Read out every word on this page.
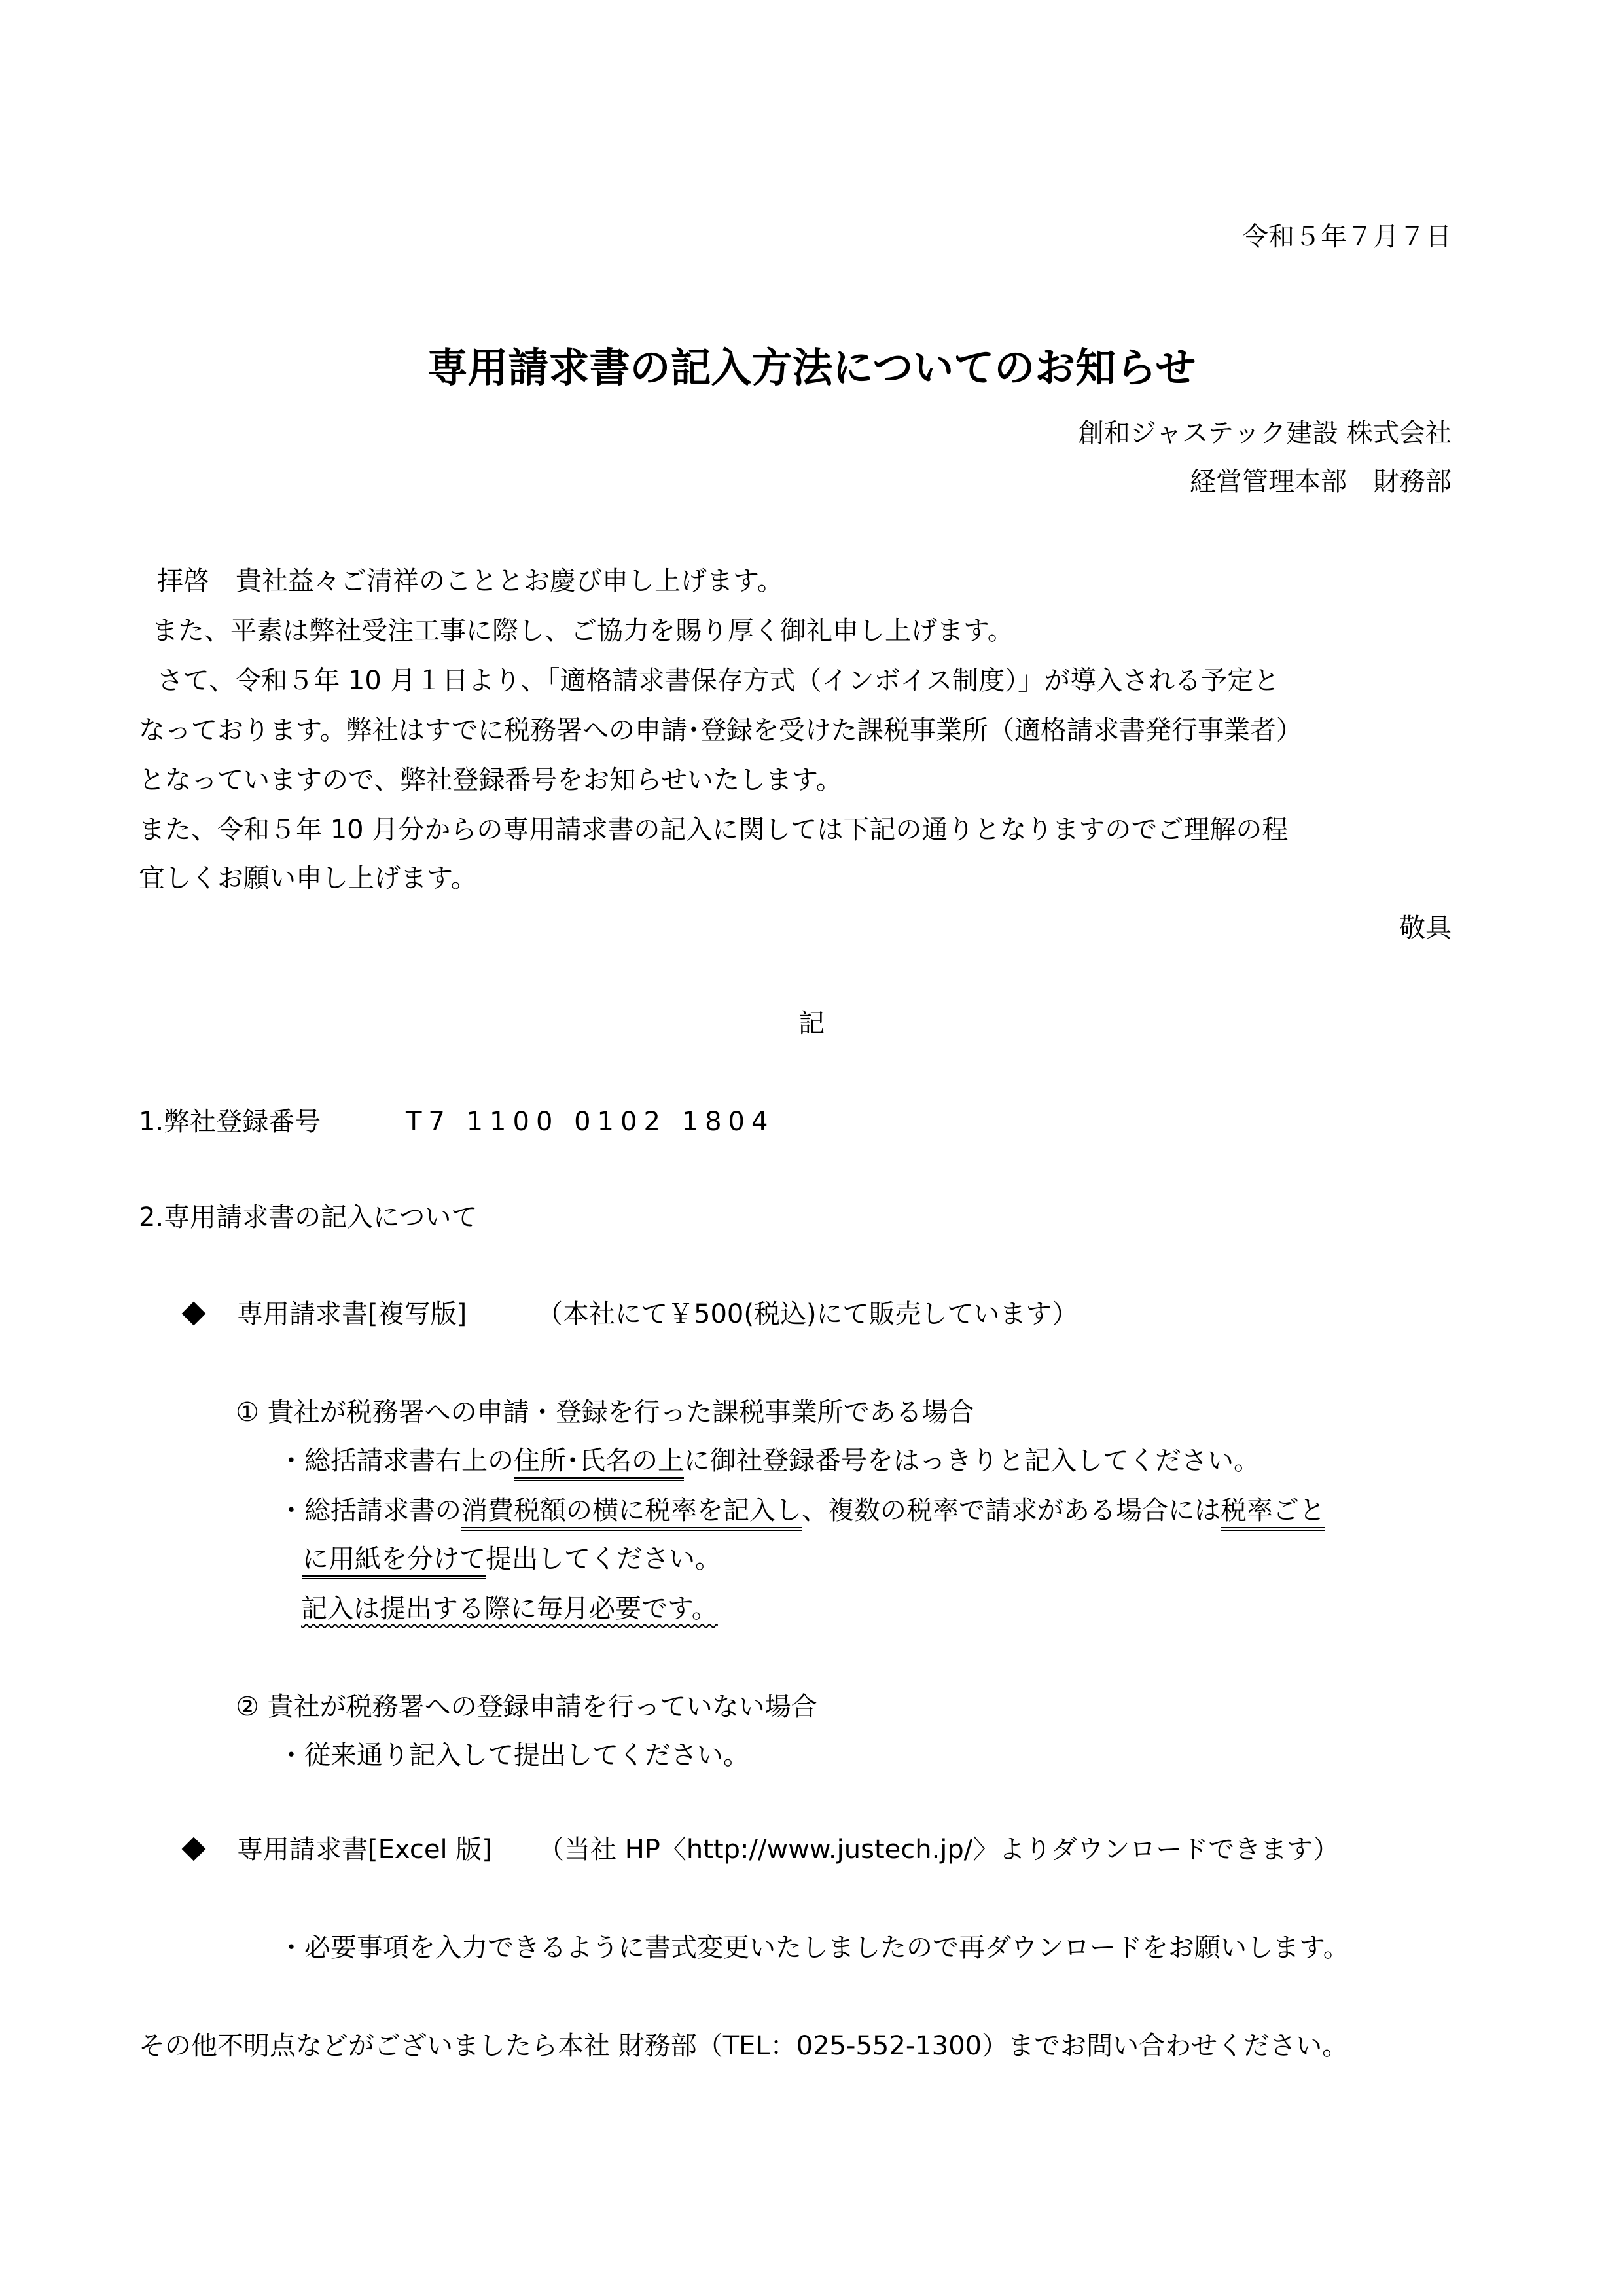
令和５年７月７日
専用請求書の記入方法についてのお知らせ
創和ジャステック建設 株式会社
経営管理本部　財務部
拝啓　貴社益々ご清祥のこととお慶び申し上げます。
また、平素は弊社受注工事に際し、ご協力を賜り厚く御礼申し上げます。
さて、令和５年 10 月１日より、「適格請求書保存方式（インボイス制度）」が導入される予定と
なっております。弊社はすでに税務署への申請･登録を受けた課税事業所（適格請求書発行事業者）
となっていますので、弊社登録番号をお知らせいたします。
また、令和５年 10 月分からの専用請求書の記入に関しては下記の通りとなりますのでご理解の程
宜しくお願い申し上げます。
敬具
記
1.弊社登録番号	T7 1100 0102 1804
2.専用請求書の記入について
専用請求書[複写版]	（本社にて￥500(税込)にて販売しています）
① 貴社が税務署への申請・登録を行った課税事業所である場合
・総括請求書右上の住所･氏名の上に御社登録番号をはっきりと記入してください。
・総括請求書の消費税額の横に税率を記入し、複数の税率で請求がある場合には税率ごと
に用紙を分けて提出してください。
記入は提出する際に毎月必要です。
② 貴社が税務署への登録申請を行っていない場合
・従来通り記入して提出してください。
専用請求書[Excel 版] （当社 HP〈http://www.justech.jp/〉よりダウンロードできます）
・必要事項を入力できるように書式変更いたしましたので再ダウンロードをお願いします。
その他不明点などがございましたら本社 財務部（TEL：025-552-1300）までお問い合わせください。
